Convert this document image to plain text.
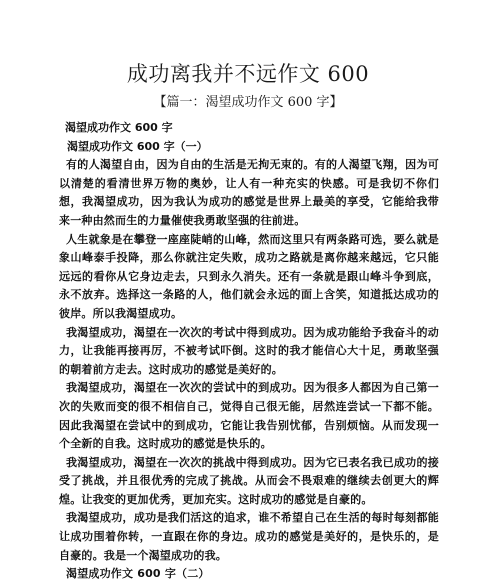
成功离我并不远作文 600
【篇一：渴望成功作文 600 字】

渴望成功作文 600 字

渴望成功作文 600 字（一）

有的人渴望自由，因为自由的生活是无拘无束的。有的人渴望飞翔，因为可以清楚的看清世界万物的奥妙，让人有一种充实的快感。可是我切不你们想，我渴望成功，因为我认为成功的感觉是世界上最美的享受，它能给我带来一种由然而生的力量催使我勇敢坚强的往前进。

人生就象是在攀登一座座陡峭的山峰，然而这里只有两条路可选，要么就是象山峰泰手投降，那么你就注定失败，成功之路就是离你越来越远，它只能远远的看你从它身边走去，只到永久消失。还有一条就是跟山峰斗争到底，永不放弃。选择这一条路的人，他们就会永远的面上含笑，知道抵达成功的彼岸。所以我渴望成功。

我渴望成功，渴望在一次次的考试中得到成功。因为成功能给予我奋斗的动力，让我能再接再厉，不被考试吓倒。这时的我才能信心大十足，勇敢坚强的朝着前方走去。这时成功的感觉是美好的。

我渴望成功，渴望在一次次的尝试中的到成功。因为很多人都因为自己第一次的失败而变的很不相信自己，觉得自己很无能，居然连尝试一下都不能。因此我渴望在尝试中的到成功，它能让我告别忧郁，告别烦恼。从而发现一个全新的自我。这时成功的感觉是快乐的。

我渴望成功，渴望在一次次的挑战中得到成功。因为它已表名我已成功的接受了挑战，并且很优秀的完成了挑战。从而会不畏艰难的继续去创更大的辉煌。让我变的更加优秀，更加充实。这时成功的感觉是自豪的。

我渴望成功，成功是我们活这的追求，谁不希望自己在生活的每时每刻都能让成功围着你转，一直跟在你的身边。成功的感觉是美好的，是快乐的，是自豪的。我是一个渴望成功的我。

渴望成功作文 600 字（二）
